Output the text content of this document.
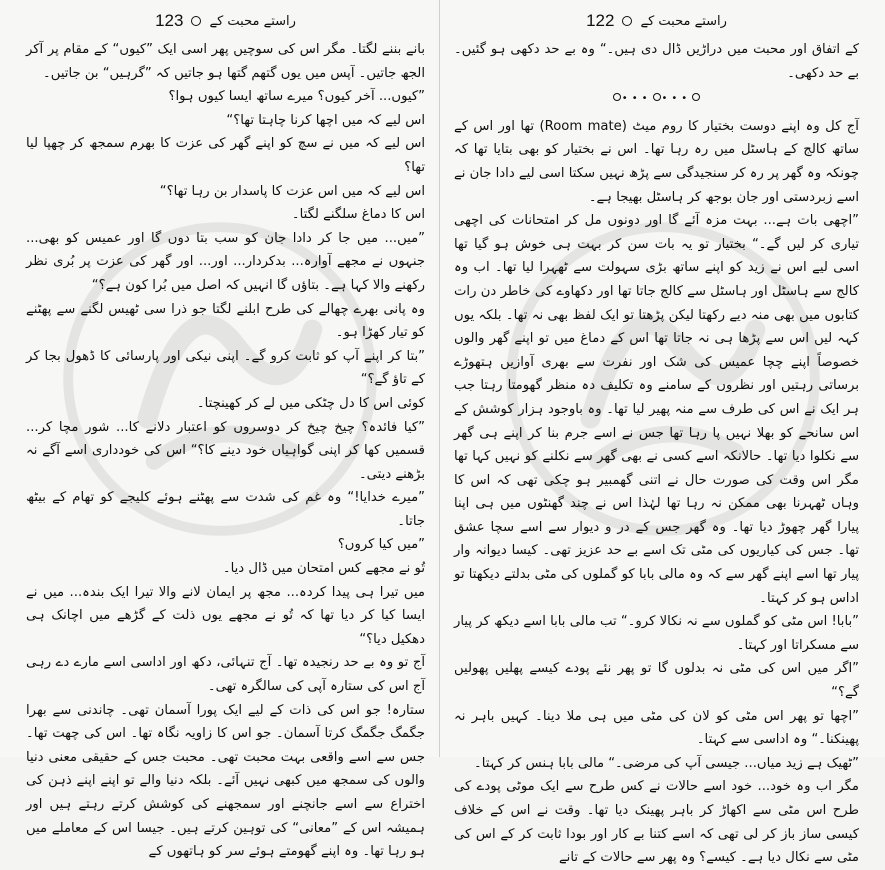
راستے محبت کے
123

بانے بننے لگتا۔ مگر اس کی سوچیں پھر اسی ایک ”کیوں“ کے مقام پر آکر الجھ جاتیں۔ آپس میں یوں گتھم گتھا ہو جاتیں کہ ”گرہیں“ بن جاتیں۔

”کیوں... آخر کیوں؟ میرے ساتھ ایسا کیوں ہوا؟

اس لیے کہ میں اچھا کرنا چاہتا تھا؟“

اس لیے کہ میں نے سچ کو اپنے گھر کی عزت کا بھرم سمجھ کر چھپا لیا تھا؟

اس لیے کہ میں اس عزت کا پاسدار بن رہا تھا؟“

اس کا دماغ سلگنے لگتا۔

”میں... میں جا کر دادا جان کو سب بتا دوں گا اور عمیس کو بھی... جنہوں نے مجھے آوارہ... بدکردار... اور... اور گھر کی عزت پر بُری نظر رکھنے والا کہا ہے۔ بتاؤں گا انہیں کہ اصل میں بُرا کون ہے؟“

وہ پانی بھرے چھالے کی طرح ابلنے لگتا جو ذرا سی ٹھیس لگنے سے پھٹنے کو تیار کھڑا ہو۔

”بتا کر اپنے آپ کو ثابت کرو گے۔ اپنی نیکی اور پارسائی کا ڈھول بجا کر کے تاؤ گے؟“

کوئی اس کا دل چٹکی میں لے کر کھینچتا۔

”کیا فائدہ؟ چیخ چیخ کر دوسروں کو اعتبار دلانے کا... شور مچا کر... قسمیں کھا کر اپنی گواہیاں خود دینے کا؟“ اس کی خودداری اسے آگے نہ بڑھنے دیتی۔

”میرے خدایا!“ وہ غم کی شدت سے پھٹنے ہوئے کلیجے کو تھام کے بیٹھ جاتا۔

”میں کیا کروں؟

تُو نے مجھے کس امتحان میں ڈال دیا۔

میں تیرا ہی پیدا کردہ... مجھ پر ایمان لانے والا تیرا ایک بندہ... میں نے ایسا کیا کر دیا تھا کہ تُو نے مجھے یوں ذلت کے گڑھے میں اچانک ہی دھکیل دیا؟“

آج تو وہ بے حد رنجیدہ تھا۔ آج تنہائی، دکھ اور اداسی اسے مارے دے رہی آج اس کی ستارہ آپی کی سالگرہ تھی۔

ستارہ! جو اس کی ذات کے لیے ایک پورا آسمان تھی۔ چاندنی سے بھرا جگمگ جگمگ کرتا آسمان۔ جو اس کا زاویہ نگاہ تھا۔ اس کی چھت تھا۔ جس سے اسے واقعی بہت محبت تھی۔ محبت جس کے حقیقی معنی دنیا والوں کی سمجھ میں کبھی نہیں آئے۔ بلکہ دنیا والے تو اپنے اپنے ذہن کی اختراع سے اسے جانچنے اور سمجھنے کی کوشش کرتے رہتے ہیں اور ہمیشہ اس کے ”معانی“ کی توہین کرتے ہیں۔ جیسا اس کے معاملے میں ہو رہا تھا۔ وہ اپنے گھومتے ہوئے سر کو ہاتھوں کے

راستے محبت کے
122

کے اتفاق اور محبت میں دراڑیں ڈال دی ہیں۔“ وہ بے حد دکھی ہو گئیں۔ بے حد دکھی۔

••••••

آج کل وہ اپنے دوست بختیار کا روم میٹ (Room mate) تھا اور اس کے ساتھ کالج کے ہاسٹل میں رہ رہا تھا۔ اس نے بختیار کو بھی بتایا تھا کہ چونکہ وہ گھر پر رہ کر سنجیدگی سے پڑھ نہیں سکتا اسی لیے دادا جان نے اسے زبردستی اور جان بوجھ کر ہاسٹل بھیجا ہے۔

”اچھی بات ہے... بہت مزہ آئے گا اور دونوں مل کر امتحانات کی اچھی تیاری کر لیں گے۔“ بختیار تو یہ بات سن کر بہت ہی خوش ہو گیا تھا اسی لیے اس نے زید کو اپنے ساتھ بڑی سہولت سے ٹھہرا لیا تھا۔ اب وہ کالج سے ہاسٹل اور ہاسٹل سے کالج جاتا تھا اور دکھاوے کی خاطر دن رات کتابوں میں بھی منہ دیے رکھتا لیکن پڑھتا تو ایک لفظ بھی نہ تھا۔ بلکہ یوں کہہ لیں اس سے پڑھا ہی نہ جاتا تھا اس کے دماغ میں تو اپنے گھر والوں خصوصاً اپنے چچا عمیس کی شک اور نفرت سے بھری آوازیں ہتھوڑے برساتی رہتیں اور نظروں کے سامنے وہ تکلیف دہ منظر گھومتا رہتا جب ہر ایک نے اس کی طرف سے منہ پھیر لیا تھا۔ وہ باوجود ہزار کوشش کے اس سانحے کو بھلا نہیں پا رہا تھا جس نے اسے جرم بنا کر اپنے ہی گھر سے نکلوا دیا تھا۔ حالانکہ اسے کسی نے بھی گھر سے نکلنے کو نہیں کہا تھا مگر اس وقت کی صورت حال نے اتنی گھمبیر ہو چکی تھی کہ اس کا وہاں ٹھہرنا بھی ممکن نہ رہا تھا لہٰذا اس نے چند گھنٹوں میں ہی اپنا پیارا گھر چھوڑ دیا تھا۔ وہ گھر جس کے در و دیوار سے اسے سچا عشق تھا۔ جس کی کیاریوں کی مٹی تک اسے بے حد عزیز تھی۔ کیسا دیوانہ وار پیار تھا اسے اپنے گھر سے کہ وہ مالی بابا کو گملوں کی مٹی بدلتے دیکھتا تو اداس ہو کر کہتا۔

”بابا! اس مٹی کو گملوں سے نہ نکالا کرو۔“ تب مالی بابا اسے دیکھ کر پیار سے مسکراتا اور کہتا۔

”اگر میں اس کی مٹی نہ بدلوں گا تو پھر نئے پودے کیسے پھلیں پھولیں گے؟“

”اچھا تو پھر اس مٹی کو لان کی مٹی میں ہی ملا دینا۔ کہیں باہر نہ پھینکنا۔“ وہ اداسی سے کہتا۔

”ٹھیک ہے زید میاں... جیسی آپ کی مرضی۔“ مالی بابا ہنس کر کہتا۔

مگر اب وہ خود... خود اسے حالات نے کس طرح سے ایک موٹی پودے کی طرح اس مٹی سے اکھاڑ کر باہر پھینک دیا تھا۔ وقت نے اس کے خلاف کیسی ساز باز کر لی تھی کہ اسے کتنا بے کار اور بودا ثابت کر کے اس کی مٹی سے نکال دیا ہے۔ کیسے؟ وہ پھر سے حالات کے تانے
